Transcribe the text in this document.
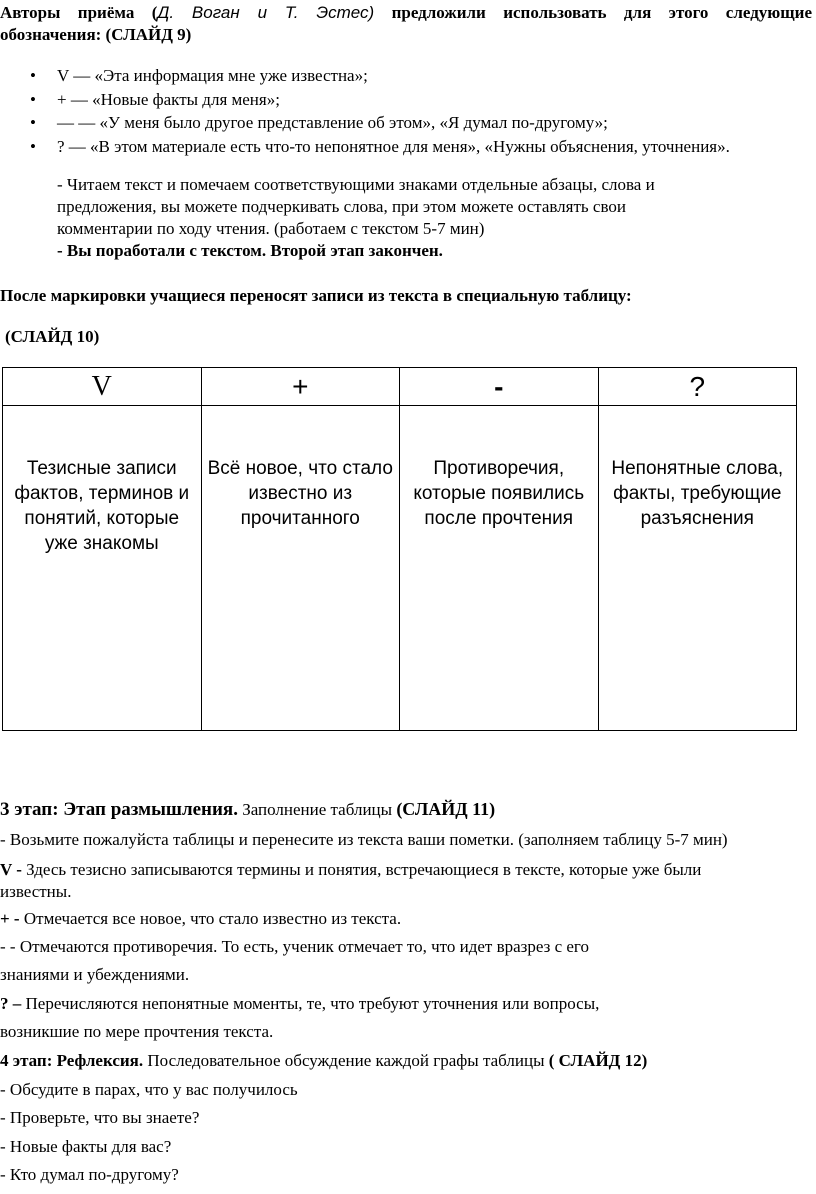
Авторы приёма (Д. Воган и Т. Эстес) предложили использовать для этого следующие
обозначения: (СЛАЙД 9)
• V — «Эта информация мне уже известна»;
• + — «Новые факты для меня»;
• — — «У меня было другое представление об этом», «Я думал по-другому»;
• ? — «В этом материале есть что-то непонятное для меня», «Нужны объяснения, уточнения».
- Читаем текст и помечаем соответствующими знаками отдельные абзацы, слова и
предложения, вы можете подчеркивать слова, при этом можете оставлять свои
комментарии по ходу чтения. (работаем с текстом 5-7 мин)
- Вы поработали с текстом. Второй этап закончен.
После маркировки учащиеся переносят записи из текста в специальную таблицу:
(СЛАЙД 10)
V	+	-	?
Тезисные записи фактов, терминов и понятий, которые уже знакомы	Всё новое, что стало известно из прочитанного	Противоречия, которые появились после прочтения	Непонятные слова, факты, требующие разъяснения
3 этап: Этап размышления. Заполнение таблицы (СЛАЙД 11)
- Возьмите пожалуйста таблицы и перенесите из текста ваши пометки. (заполняем таблицу 5-7 мин)
V - Здесь тезисно записываются термины и понятия, встречающиеся в тексте, которые уже были
известны.
+ - Отмечается все новое, что стало известно из текста.
- - Отмечаются противоречия. То есть, ученик отмечает то, что идет вразрез с его
знаниями и убеждениями.
? – Перечисляются непонятные моменты, те, что требуют уточнения или вопросы,
возникшие по мере прочтения текста.
4 этап: Рефлексия. Последовательное обсуждение каждой графы таблицы ( СЛАЙД 12)
- Обсудите в парах, что у вас получилось
- Проверьте, что вы знаете?
- Новые факты для вас?
- Кто думал по-другому?
